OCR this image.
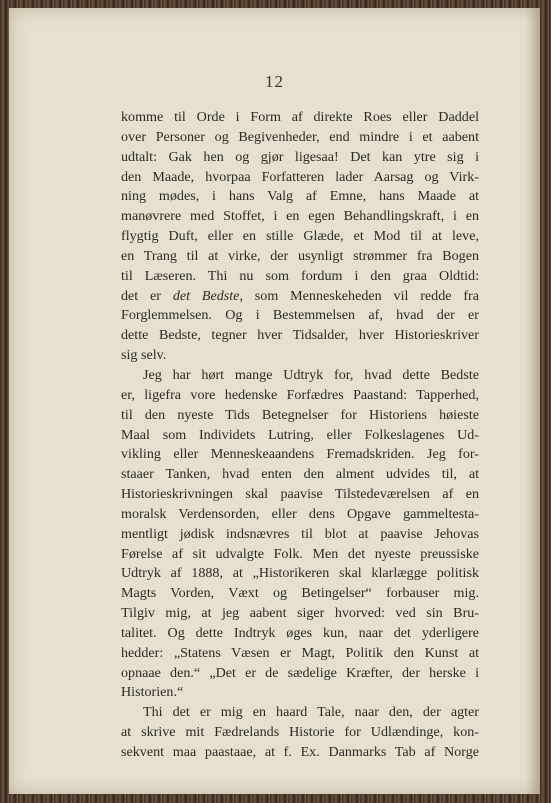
12
komme til Orde i Form af direkte Roes eller Daddel
over Personer og Begivenheder, end mindre i et aabent
udtalt: Gak hen og gjør ligesaa! Det kan ytre sig i
den Maade, hvorpaa Forfatteren lader Aarsag og Virk-
ning mødes, i hans Valg af Emne, hans Maade at
manøvrere med Stoffet, i en egen Behandlingskraft, i en
flygtig Duft, eller en stille Glæde, et Mod til at leve,
en Trang til at virke, der usynligt strømmer fra Bogen
til Læseren. Thi nu som fordum i den graa Oldtid:
det er det Bedste, som Menneskeheden vil redde fra
Forglemmelsen. Og i Bestemmelsen af, hvad der er
dette Bedste, tegner hver Tidsalder, hver Historieskriver
sig selv.
Jeg har hørt mange Udtryk for, hvad dette Bedste
er, ligefra vore hedenske Forfædres Paastand: Tapperhed,
til den nyeste Tids Betegnelser for Historiens høieste
Maal som Individets Lutring, eller Folkeslagenes Ud-
vikling eller Menneskeaandens Fremadskriden. Jeg for-
staaer Tanken, hvad enten den alment udvides til, at
Historieskrivningen skal paavise Tilstedeværelsen af en
moralsk Verdensorden, eller dens Opgave gammeltesta-
mentligt jødisk indsnævres til blot at paavise Jehovas
Førelse af sit udvalgte Folk. Men det nyeste preussiske
Udtryk af 1888, at „Historikeren skal klarlægge politisk
Magts Vorden, Væxt og Betingelser“ forbauser mig.
Tilgiv mig, at jeg aabent siger hvorved: ved sin Bru-
talitet. Og dette Indtryk øges kun, naar det yderligere
hedder: „Statens Væsen er Magt, Politik den Kunst at
opnaae den.“ „Det er de sædelige Kræfter, der herske i
Historien.“
Thi det er mig en haard Tale, naar den, der agter
at skrive mit Fædrelands Historie for Udlændinge, kon-
sekvent maa paastaae, at f. Ex. Danmarks Tab af Norge
